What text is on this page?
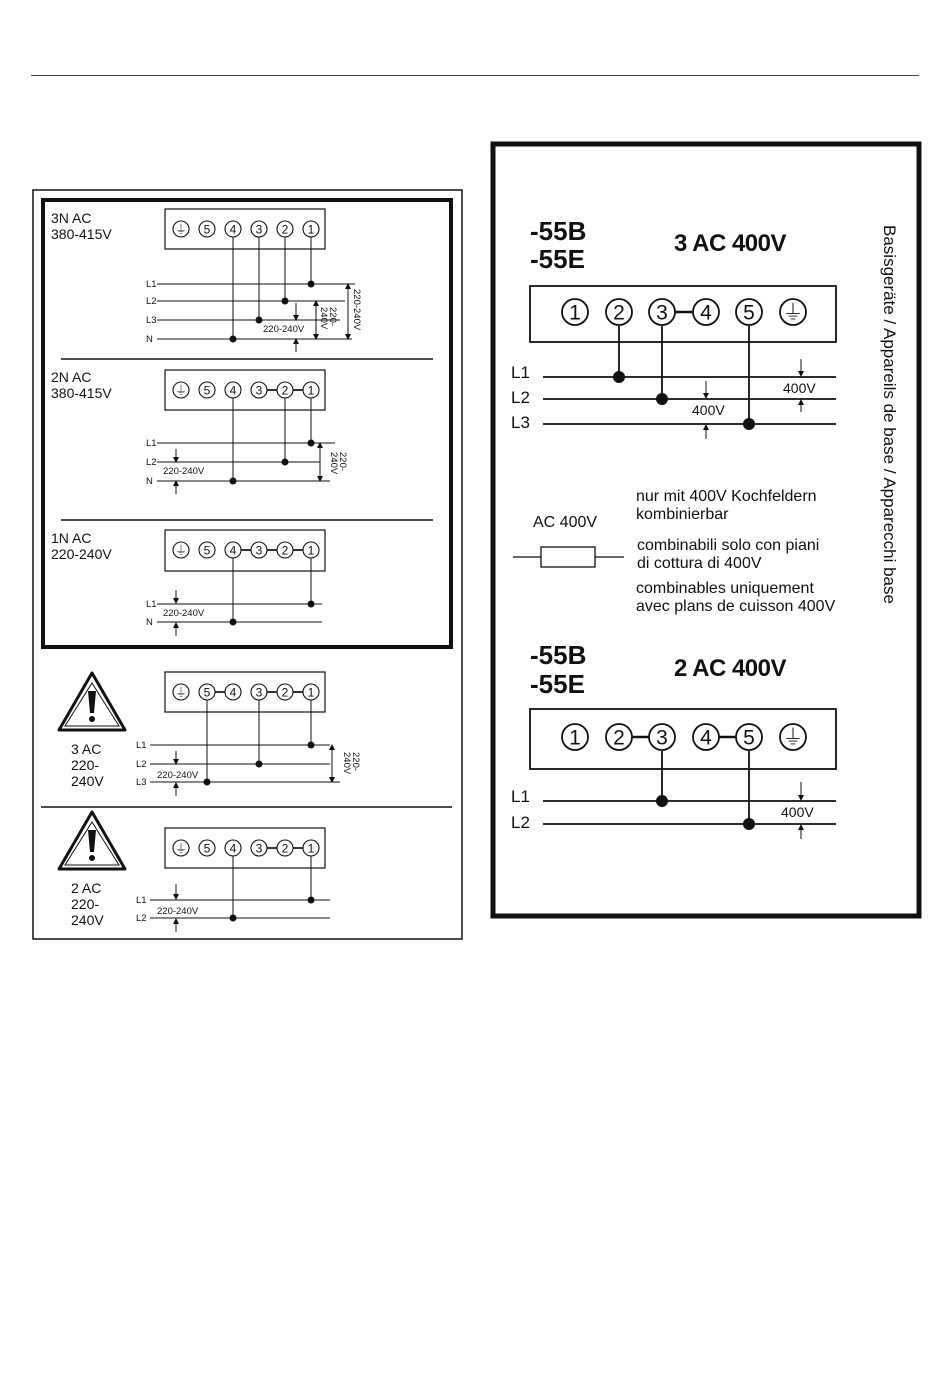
3N AC
380-415V	⏚ 5 4 3 2 1
L1
L2
L3
N
220-240V
220-
240V 220-240V
2N AC
380-415V	⏚ 5 4 3 2 1
L1
L2
N
220-240V
220-
240V
1N AC
220-240V	⏚ 5 4 3 2 1
L1
N
220-240V
3 AC
220-
240V
⏚ 5 4 3 2 1
L1
L2
L3
220-240V
220-
240V
2 AC
220-
240V
⏚ 5 4 3 2 1
L1
L2
220-240V
-55B
-55E
3 AC 400V
1 2 3 4 5 ⏚
L1
L2
L3
400V
400V	Basisgeräte / Appareils de base / Apparecchi base
AC 400V
nur mit 400V Kochfeldern
kombinierbar
combinabili solo con piani
di cottura di 400V
combinables uniquement
avec plans de cuisson 400V
-55B
-55E
2 AC 400V
1 2 3 4 5 ⏚
L1
L2
400V
